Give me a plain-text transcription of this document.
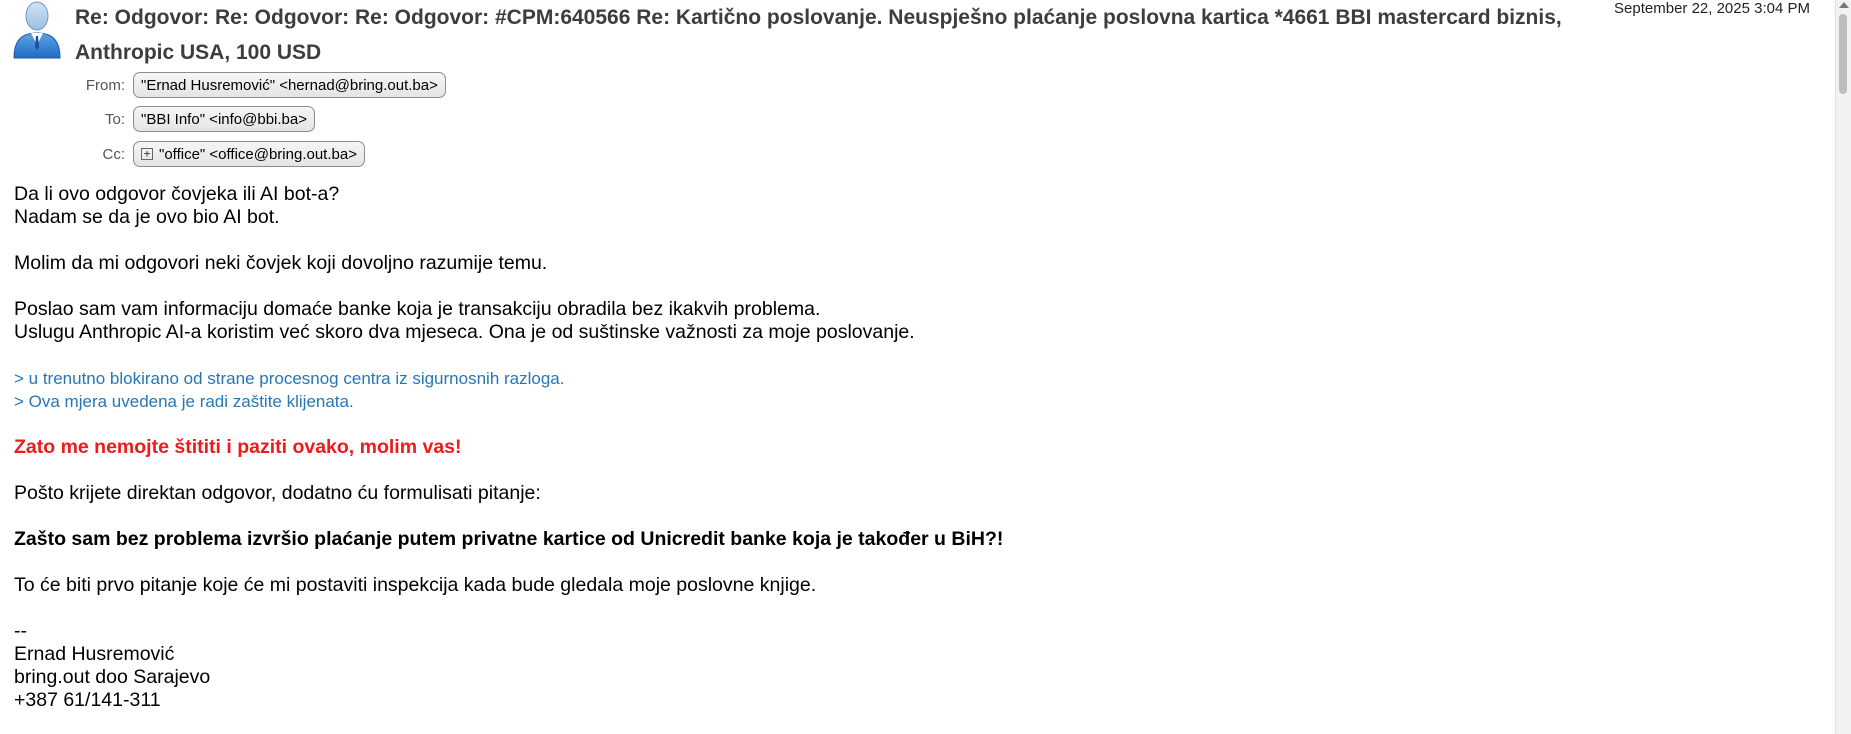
Re: Odgovor: Re: Odgovor: Re: Odgovor: #CPM:640566 Re: Kartično poslovanje. Neuspješno plaćanje poslovna kartica *4661 BBI mastercard biznis, Anthropic USA, 100 USD
September 22, 2025 3:04 PM
From:	"Ernad Husremović" <hernad@bring.out.ba>
To:	"BBI Info" <info@bbi.ba>
Cc:	+ "office" <office@bring.out.ba>

Da li ovo odgovor čovjeka ili AI bot-a?

Nadam se da je ovo bio AI bot.

Molim da mi odgovori neki čovjek koji dovoljno razumije temu.

Poslao sam vam informaciju domaće banke koja je transakciju obradila bez ikakvih problema.

Uslugu Anthropic AI-a koristim već skoro dva mjeseca. Ona je od suštinske važnosti za moje poslovanje.

> u trenutno blokirano od strane procesnog centra iz sigurnosnih razloga.

> Ova mjera uvedena je radi zaštite klijenata.

Zato me nemojte štititi i paziti ovako, molim vas!

Pošto krijete direktan odgovor, dodatno ću formulisati pitanje:

Zašto sam bez problema izvršio plaćanje putem privatne kartice od Unicredit banke koja je također u BiH?!

To će biti prvo pitanje koje će mi postaviti inspekcija kada bude gledala moje poslovne knjige.

--

Ernad Husremović

bring.out doo Sarajevo

+387 61/141-311
